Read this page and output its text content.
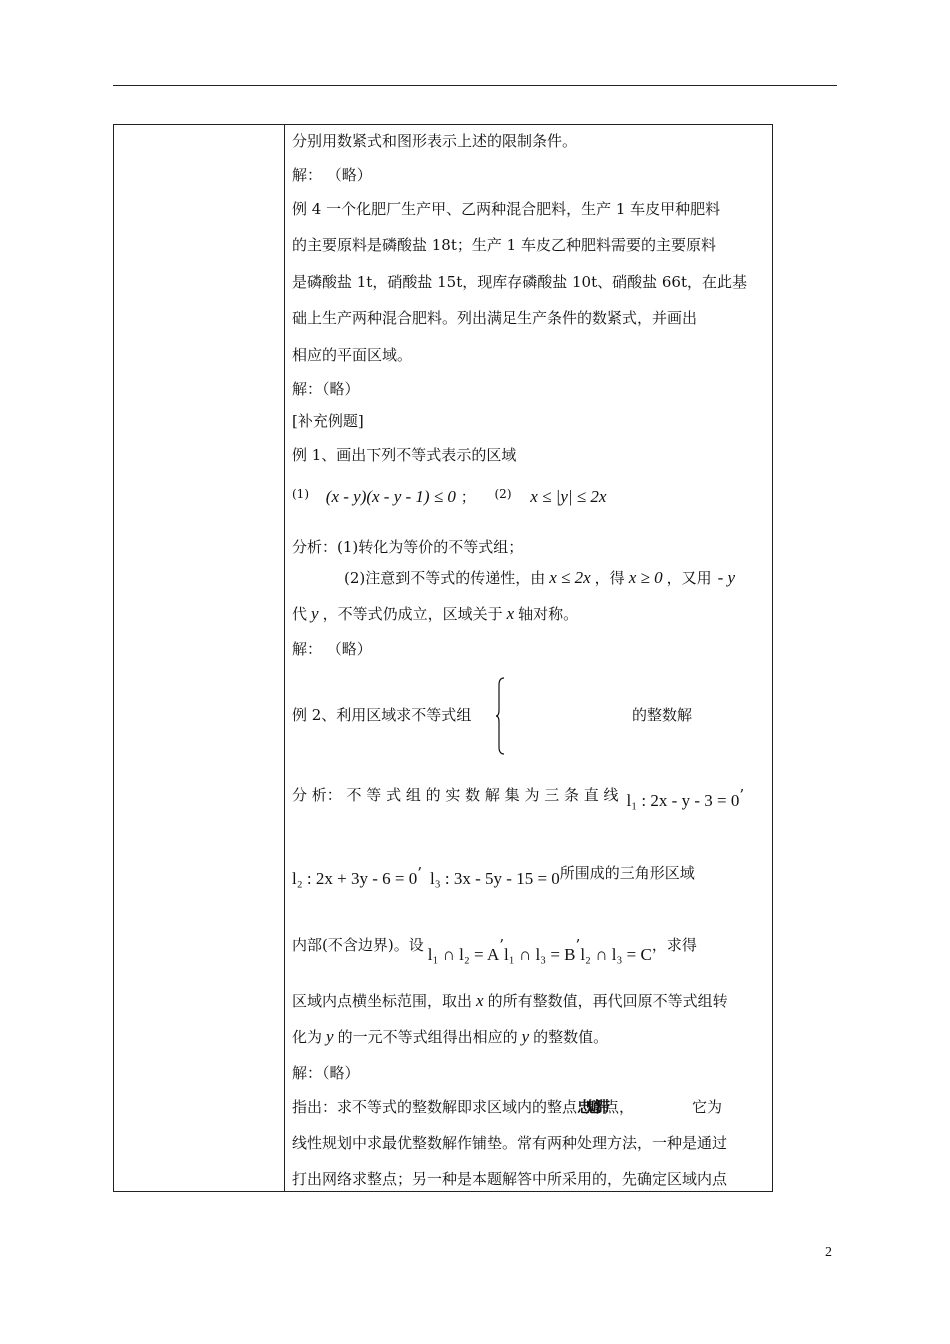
分别用数紧式和图形表示上述的限制条件。
解： （略）
例 4 一个化肥厂生产甲、乙两种混合肥料，生产 1 车皮甲种肥料
的主要原料是磷酸盐 18t；生产 1 车皮乙种肥料需要的主要原料
是磷酸盐 1t，硝酸盐 15t，现库存磷酸盐 10t、硝酸盐 66t，在此基
础上生产两种混合肥料。列出满足生产条件的数紧式，并画出
相应的平面区域。
解：（略）
[补充例题]
例 1、画出下列不等式表示的区域
$^{(1)}$ (x - y)(x - y - 1) ≤ 0 ； $^{(2)}$ x ≤ |y| ≤ 2x
分析：(1)转化为等价的不等式组；
(2)注意到不等式的传递性，由 x ≤ 2x ，得 x ≥ 0 ，又用 - y
代 y ，不等式仍成立，区域关于 x 轴对称。
解： （略）
例 2、利用区域求不等式组	的整数解
分 析： 不 等 式 组 的 实 数 解 集 为 三 条 直 线 l₁ : 2x - y - 3 = 0’
l₂ : 2x + 3y - 6 = 0’ l₃ : 3x - 5y - 15 = 0所围成的三角形区域
内部(不含边界)。设 l₁ ∩ l₂ = A’l₁ ∩ l₃ = B’l₂ ∩ l₃ = C，求得
区域内点横坐标范围，取出 x 的所有整数值，再代回原不等式组转
化为 y 的一元不等式组得出相应的 y 的整数值。
解：（略）
指出：求不等式的整数解即求区域内的整点忠魈滞点，	它为
线性规划中求最优整数解作铺垫。常有两种处理方法，一种是通过
打出网络求整点；另一种是本题解答中所采用的，先确定区域内点
2
